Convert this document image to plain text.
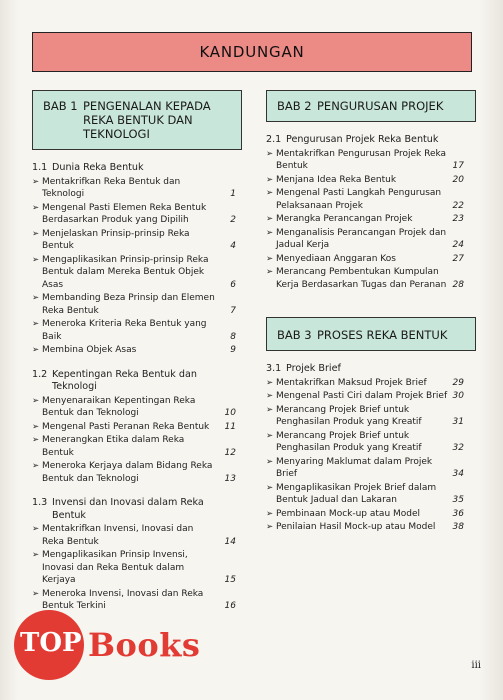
KANDUNGAN
BAB 1 PENGENALAN KEPADA REKA BENTUK DAN TEKNOLOGI
1.1 Dunia Reka Bentuk
➢ Mentakrifkan Reka Bentuk dan Teknologi	1
➢ Mengenal Pasti Elemen Reka Bentuk Berdasarkan Produk yang Dipilih	2
➢ Menjelaskan Prinsip-prinsip Reka Bentuk	4
➢ Mengaplikasikan Prinsip-prinsip Reka Bentuk dalam Mereka Bentuk Objek Asas	6
➢ Membanding Beza Prinsip dan Elemen Reka Bentuk	7
➢ Meneroka Kriteria Reka Bentuk yang Baik	8
➢ Membina Objek Asas	9
1.2 Kepentingan Reka Bentuk dan Teknologi
➢ Menyenaraikan Kepentingan Reka Bentuk dan Teknologi	10
➢ Mengenal Pasti Peranan Reka Bentuk 11
➢ Menerangkan Etika dalam Reka Bentuk	12
➢ Meneroka Kerjaya dalam Bidang Reka Bentuk dan Teknologi	13
1.3 Invensi dan Inovasi dalam Reka Bentuk
➢ Mentakrifkan Invensi, Inovasi dan Reka Bentuk	14
➢ Mengaplikasikan Prinsip Invensi, Inovasi dan Reka Bentuk dalam Kerjaya	15
➢ Meneroka Invensi, Inovasi dan Reka Bentuk Terkini	16
BAB 2 PENGURUSAN PROJEK
2.1 Pengurusan Projek Reka Bentuk
➢ Mentakrifkan Pengurusan Projek Reka Bentuk	17
➢ Menjana Idea Reka Bentuk	20
➢ Mengenal Pasti Langkah Pengurusan Pelaksanaan Projek	22
➢ Merangka Perancangan Projek	23
➢ Menganalisis Perancangan Projek dan Jadual Kerja	24
➢ Menyediaan Anggaran Kos	27
➢ Merancang Pembentukan Kumpulan Kerja Berdasarkan Tugas dan Peranan 28
BAB 3 PROSES REKA BENTUK
3.1 Projek Brief
➢ Mentakrifkan Maksud Projek Brief	29
➢ Mengenal Pasti Ciri dalam Projek Brief 30
➢ Merancang Projek Brief untuk Penghasilan Produk yang Kreatif	31
➢ Merancang Projek Brief untuk Penghasilan Produk yang Kreatif	32
➢ Menyaring Maklumat dalam Projek Brief	34
➢ Mengaplikasikan Projek Brief dalam Bentuk Jadual dan Lakaran	35
➢ Pembinaan Mock-up atau Model	36
➢ Penilaian Hasil Mock-up atau Model 38
TOP Books
iii
